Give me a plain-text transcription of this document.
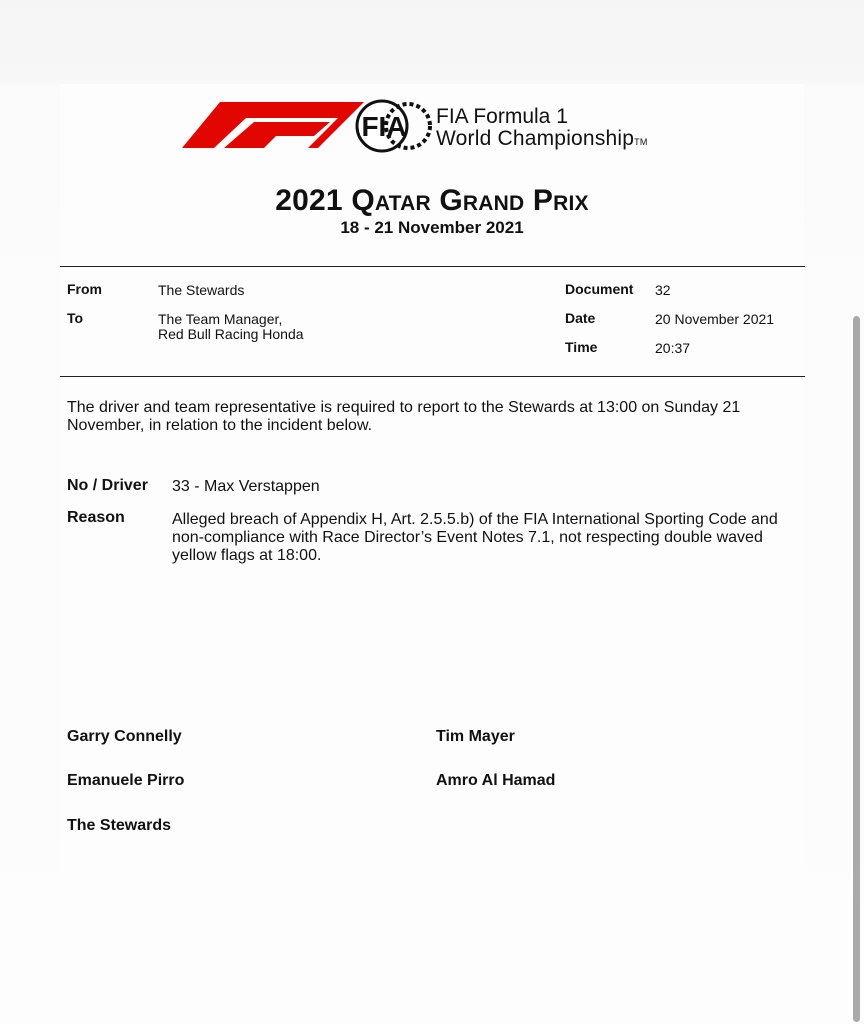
FIA FIA Formula 1
World ChampionshipTM
2021 Qatar Grand Prix
18 - 21 November 2021
From	The Stewards
To	The Team Manager,
Red Bull Racing Honda
Document 32
Date	20 November 2021
Time	20:37
The driver and team representative is required to report to the Stewards at 13:00 on Sunday 21 November, in relation to the incident below.
No / Driver 33 - Max Verstappen
Reason	Alleged breach of Appendix H, Art. 2.5.5.b) of the FIA International Sporting Code and non-compliance with Race Director’s Event Notes 7.1, not respecting double waved yellow flags at 18:00.
Garry Connelly	Tim Mayer
Emanuele Pirro	Amro Al Hamad
The Stewards
